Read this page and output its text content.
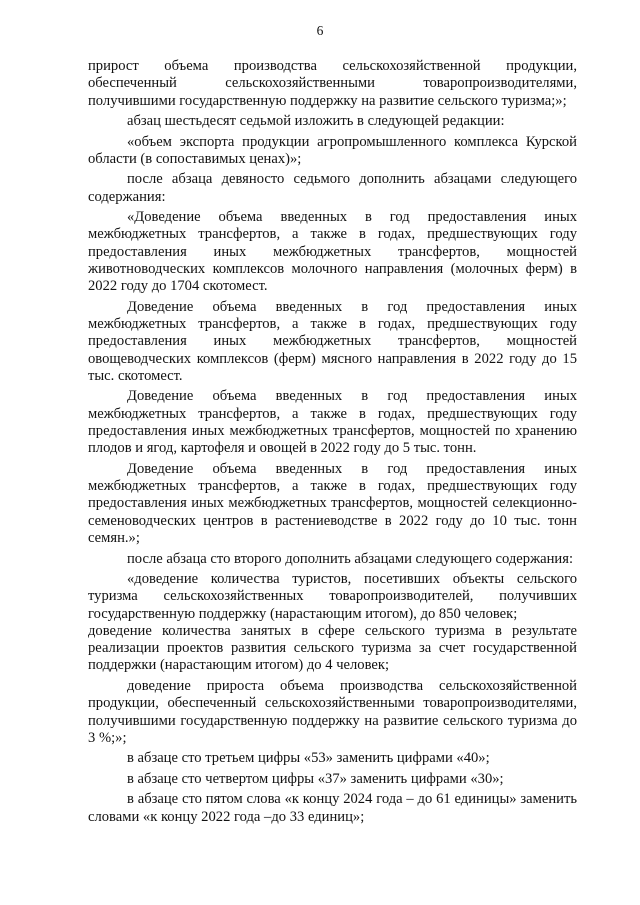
6

прирост объема производства сельскохозяйственной продукции, обеспеченный сельскохозяйственными товаропроизводителями, получившими государственную поддержку на развитие сельского туризма;»;

абзац шестьдесят седьмой изложить в следующей редакции:

«объем экспорта продукции агропромышленного комплекса Курской области (в сопоставимых ценах)»;

после абзаца девяносто седьмого дополнить абзацами следующего содержания:

«Доведение объема введенных в год предоставления иных межбюджетных трансфертов, а также в годах, предшествующих году предоставления иных межбюджетных трансфертов, мощностей животноводческих комплексов молочного направления (молочных ферм) в 2022 году до 1704 скотомест.

Доведение объема введенных в год предоставления иных межбюджетных трансфертов, а также в годах, предшествующих году предоставления иных межбюджетных трансфертов, мощностей овощеводческих комплексов (ферм) мясного направления в 2022 году до 15 тыс. скотомест.

Доведение объема введенных в год предоставления иных межбюджетных трансфертов, а также в годах, предшествующих году предоставления иных межбюджетных трансфертов, мощностей по хранению плодов и ягод, картофеля и овощей в 2022 году до 5 тыс. тонн.

Доведение объема введенных в год предоставления иных межбюджетных трансфертов, а также в годах, предшествующих году предоставления иных межбюджетных трансфертов, мощностей селекционно-семеноводческих центров в растениеводстве в 2022 году до 10 тыс. тонн семян.»;

после абзаца сто второго дополнить абзацами следующего содержания:

«доведение количества туристов, посетивших объекты сельского туризма сельскохозяйственных товаропроизводителей, получивших государственную поддержку (нарастающим итогом), до 850 человек;

доведение количества занятых в сфере сельского туризма в результате реализации проектов развития сельского туризма за счет государственной поддержки (нарастающим итогом) до 4 человек;

доведение прироста объема производства сельскохозяйственной продукции, обеспеченный сельскохозяйственными товаропроизводителями, получившими государственную поддержку на развитие сельского туризма до 3 %;»;

в абзаце сто третьем цифры «53» заменить цифрами «40»;

в абзаце сто четвертом цифры «37» заменить цифрами «30»;

в абзаце сто пятом слова «к концу 2024 года – до 61 единицы» заменить словами «к концу 2022 года –до 33 единиц»;
